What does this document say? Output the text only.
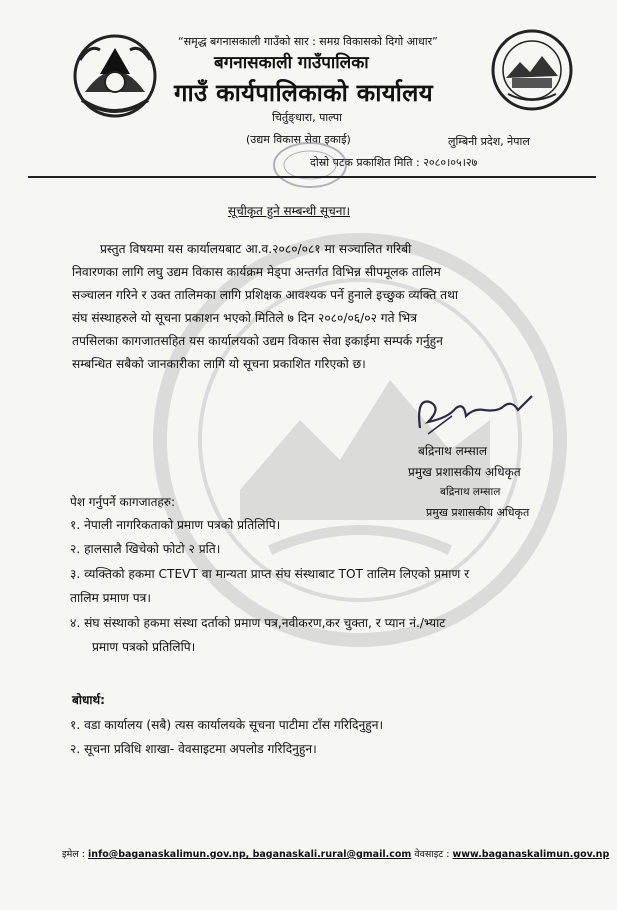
“समृद्ध बगनासकाली गाउँको सार : समग्र विकासको दिगो आधार”
बगनासकाली गाउँपालिका
गाउँ कार्यपालिकाको कार्यालय
चिर्तुङ्धारा, पाल्पा
(उद्यम विकास सेवा इकाई)	लुम्बिनी प्रदेश, नेपाल
दोस्रो पटक प्रकाशित मिति : २०८०।०५।२७
सूचीकृत हुने सम्बन्धी सूचना।
प्रस्तुत विषयमा यस कार्यालयबाट आ.व.२०८०/०८१ मा सञ्चालित गरिबी
निवारणका लागि लघु उद्यम विकास कार्यक्रम मेड्पा अन्तर्गत विभिन्न सीपमूलक तालिम
सञ्चालन गरिने र उक्त तालिमका लागि प्रशिक्षक आवश्यक पर्ने हुनाले इच्छुक व्यक्ति तथा
संघ संस्थाहरुले यो सूचना प्रकाशन भएको मितिले ७ दिन २०८०/०६/०२ गते भित्र
तपसिलका कागजातसहित यस कार्यालयको उद्यम विकास सेवा इकाईमा सम्पर्क गर्नुहुन
सम्बन्धित सबैको जानकारीका लागि यो सूचना प्रकाशित गरिएको छ।
बद्रिनाथ लम्साल
प्रमुख प्रशासकीय अधिकृत
बद्रिनाथ लम्साल
प्रमुख प्रशासकीय अधिकृत
पेश गर्नुपर्ने कागजातहरु:
१. नेपाली नागरिकताको प्रमाण पत्रको प्रतिलिपि।
२. हालसालै खिचेको फोटो २ प्रति।
३. व्यक्तिको हकमा CTEVT वा मान्यता प्राप्त संघ संस्थाबाट TOT तालिम लिएको प्रमाण र
तालिम प्रमाण पत्र।
४. संघ संस्थाको हकमा संस्था दर्ताको प्रमाण पत्र,नवीकरण,कर चुक्ता, र प्यान नं./भ्याट
प्रमाण पत्रको प्रतिलिपि।
बोधार्थ:
१. वडा कार्यालय (सबै) त्यस कार्यालयके सूचना पाटीमा टाँस गरिदिनुहुन।
२. सूचना प्रविधि शाखा- वेवसाइटमा अपलोड गरिदिनुहुन।
इमेल : info@baganaskalimun.gov.np, baganaskali.rural@gmail.com वेवसाइट : www.baganaskalimun.gov.np
